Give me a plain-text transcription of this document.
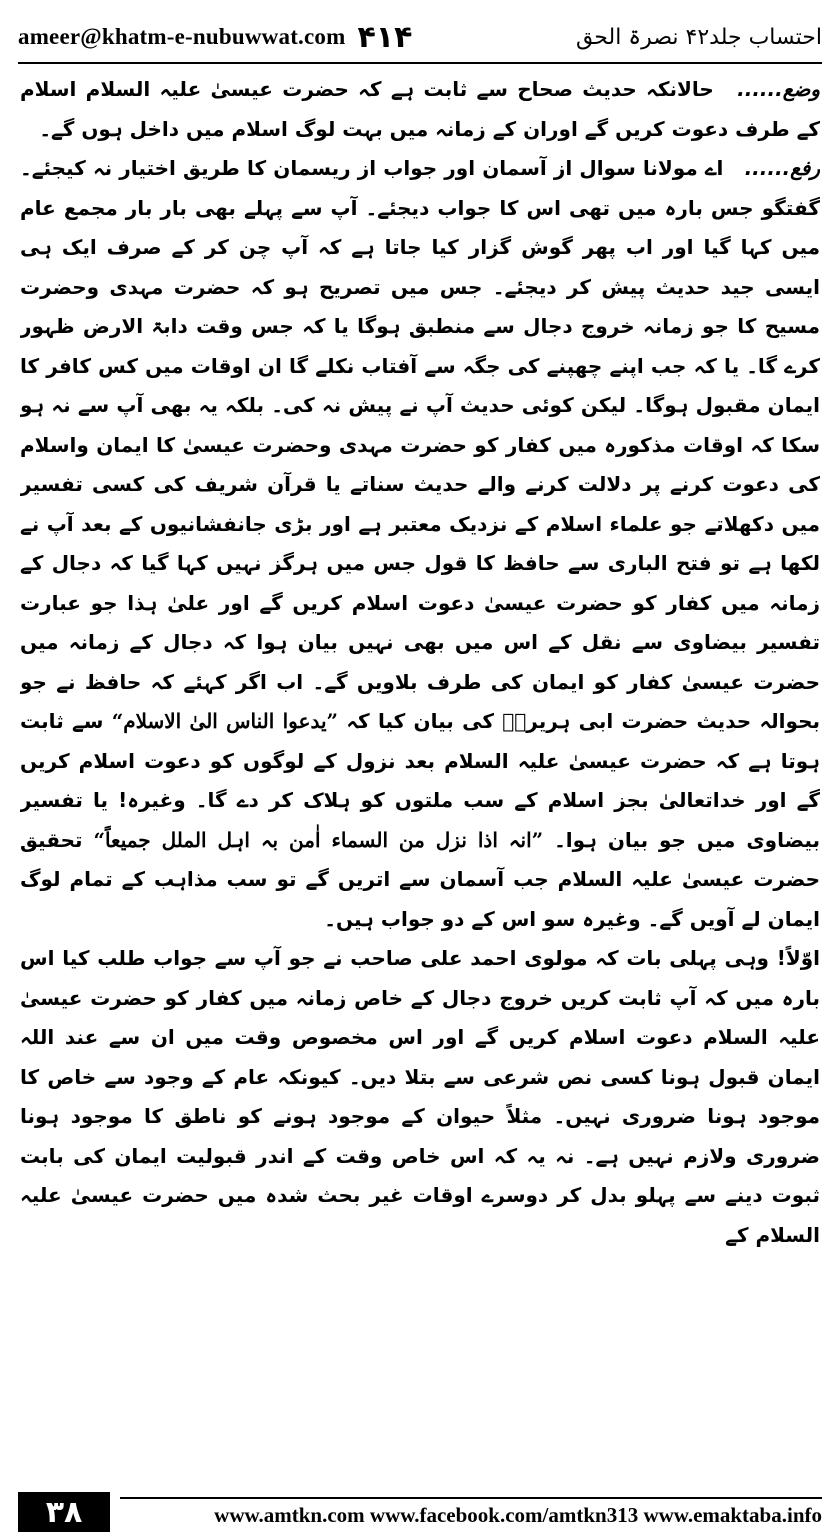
ameer@khatm-e-nubuwwat.com ۴۱۴	احتساب جلد۴۲ نصرۃ الحق

وضع...... حالانکہ حدیث صحاح سے ثابت ہے کہ حضرت عیسیٰ علیہ السلام اسلام کے طرف دعوت کریں گے اوران کے زمانہ میں بہت لوگ اسلام میں داخل ہوں گے۔

رفع...... اے مولانا سوال از آسمان اور جواب از ریسمان کا طریق اختیار نہ کیجئے۔ گفتگو جس بارہ میں تھی اس کا جواب دیجئے۔ آپ سے پہلے بھی بار بار مجمع عام میں کہا گیا اور اب پھر گوش گزار کیا جاتا ہے کہ آپ چن کر کے صرف ایک ہی ایسی جید حدیث پیش کر دیجئے۔ جس میں تصریح ہو کہ حضرت مہدی وحضرت مسیح کا جو زمانہ خروج دجال سے منطبق ہوگا یا کہ جس وقت دابۃ الارض ظہور کرے گا۔ یا کہ جب اپنے چھپنے کی جگہ سے آفتاب نکلے گا ان اوقات میں کس کافر کا ایمان مقبول ہوگا۔ لیکن کوئی حدیث آپ نے پیش نہ کی۔ بلکہ یہ بھی آپ سے نہ ہو سکا کہ اوقات مذکورہ میں کفار کو حضرت مہدی وحضرت عیسیٰ کا ایمان واسلام کی دعوت کرنے پر دلالت کرنے والے حدیث سناتے یا قرآن شریف کی کسی تفسیر میں دکھلاتے جو علماء اسلام کے نزدیک معتبر ہے اور بڑی جانفشانیوں کے بعد آپ نے لکھا ہے تو فتح الباری سے حافظ کا قول جس میں ہرگز نہیں کہا گیا کہ دجال کے زمانہ میں کفار کو حضرت عیسیٰ دعوت اسلام کریں گے اور علیٰ ہذا جو عبارت تفسیر بیضاوی سے نقل کے اس میں بھی نہیں بیان ہوا کہ دجال کے زمانہ میں حضرت عیسیٰ کفار کو ایمان کی طرف بلاویں گے۔ اب اگر کہئے کہ حافظ نے جو بحوالہ حدیث حضرت ابی ہریرہؓ کی بیان کیا کہ ”یدعوا الناس الیٰ الاسلام“ سے ثابت ہوتا ہے کہ حضرت عیسیٰ علیہ السلام بعد نزول کے لوگوں کو دعوت اسلام کریں گے اور خداتعالیٰ بجز اسلام کے سب ملتوں کو ہلاک کر دے گا۔ وغیرہ! یا تفسیر بیضاوی میں جو بیان ہوا۔ ”انہ اذا نزل من السماء اٰمن بہ اہل الملل جمیعاً“ تحقیق حضرت عیسیٰ علیہ السلام جب آسمان سے اتریں گے تو سب مذاہب کے تمام لوگ ایمان لے آویں گے۔ وغیرہ سو اس کے دو جواب ہیں۔

اوّلاً! وہی پہلی بات کہ مولوی احمد علی صاحب نے جو آپ سے جواب طلب کیا اس بارہ میں کہ آپ ثابت کریں خروج دجال کے خاص زمانہ میں کفار کو حضرت عیسیٰ علیہ السلام دعوت اسلام کریں گے اور اس مخصوص وقت میں ان سے عند اللہ ایمان قبول ہونا کسی نص شرعی سے بتلا دیں۔ کیونکہ عام کے وجود سے خاص کا موجود ہونا ضروری نہیں۔ مثلاً حیوان کے موجود ہونے کو ناطق کا موجود ہونا ضروری ولازم نہیں ہے۔ نہ یہ کہ اس خاص وقت کے اندر قبولیت ایمان کی بابت ثبوت دینے سے پہلو بدل کر دوسرے اوقات غیر بحث شدہ میں حضرت عیسیٰ علیہ السلام کے

۳۸	www.amtkn.com www.facebook.com/amtkn313 www.emaktaba.info
